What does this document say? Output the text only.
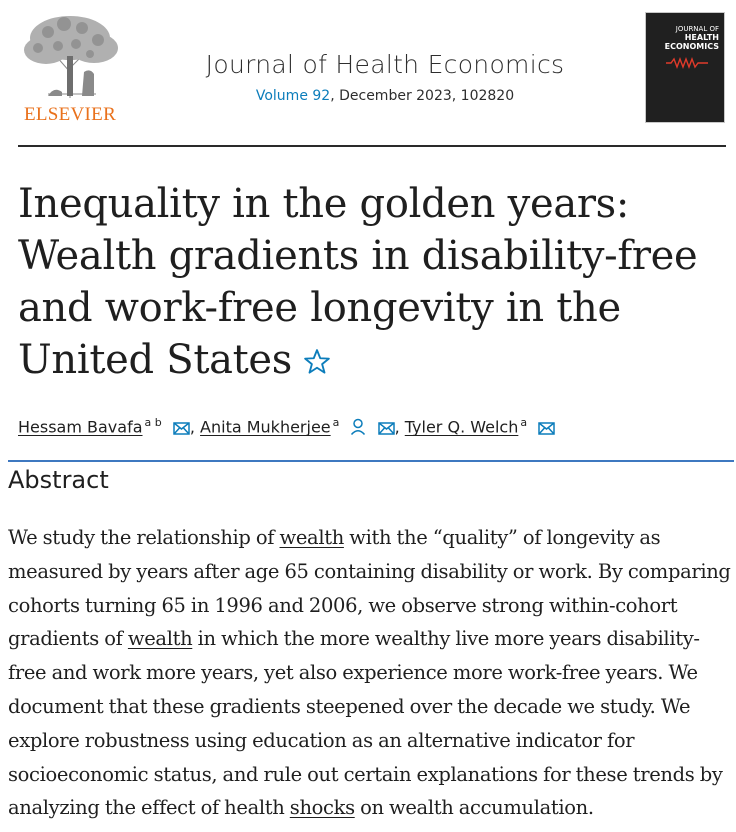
ELSEVIER
Journal of Health Economics
Volume 92, December 2023, 102820
JOURNAL OF
HEALTH ECONOMICS
Inequality in the golden years: Wealth gradients in disability-free and work-free longevity in the United States
Hessam Bavafa $^{a b}$ , Anita Mukherjee $^a$	, Tyler Q. Welch $^a$
Abstract

We study the relationship of wealth with the “quality” of longevity as measured by years after age 65 containing disability or work. By comparing cohorts turning 65 in 1996 and 2006, we observe strong within-cohort gradients of wealth in which the more wealthy live more years disability-free and work more years, yet also experience more work-free years. We document that these gradients steepened over the decade we study. We explore robustness using education as an alternative indicator for socioeconomic status, and rule out certain explanations for these trends by analyzing the effect of health shocks on wealth accumulation.
